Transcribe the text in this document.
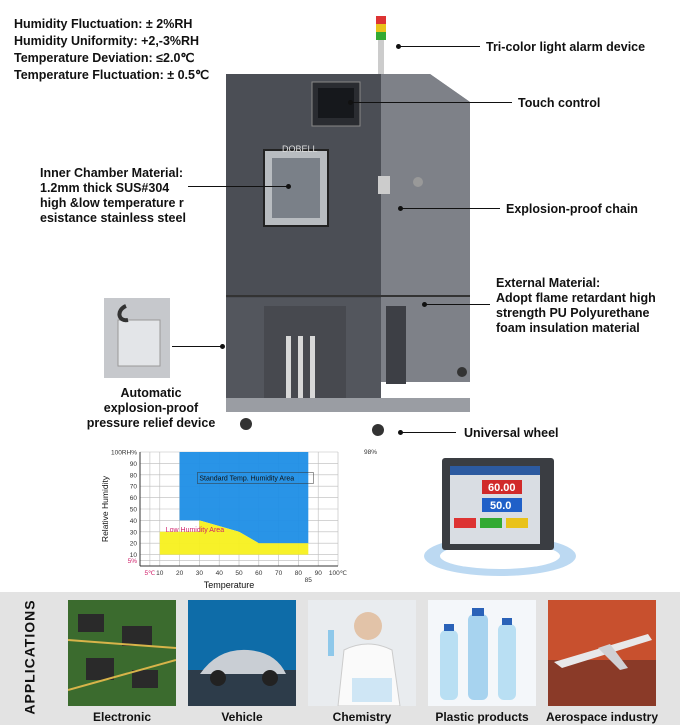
Humidity Fluctuation: ± 2%RH
Humidity Uniformity: +2,-3%RH
Temperature Deviation: ≤2.0℃
Temperature Fluctuation: ± 0.5℃
DOBELL
Tri-color light alarm device
Touch control
Inner Chamber Material:
1.2mm thick SUS#304
high &low temperature r
esistance stainless steel
Explosion-proof chain
External Material:
Adopt flame retardant high
strength PU Polyurethane
foam insulation material
Automatic
explosion-proof
pressure relief device
Universal wheel
Standard Temp. Humidity Area
Low Humidity Area
5℃ 10 20 30 40 50 60 70 80 90 100℃
100RH%
90
80
70
60
50
40
30
20
10
5%
85
98%
Temperature
Relative Humidity	60.00
50.0
APPLICATIONS
Electronic	Vehicle	Chemistry	Plastic products	Aerospace industry
